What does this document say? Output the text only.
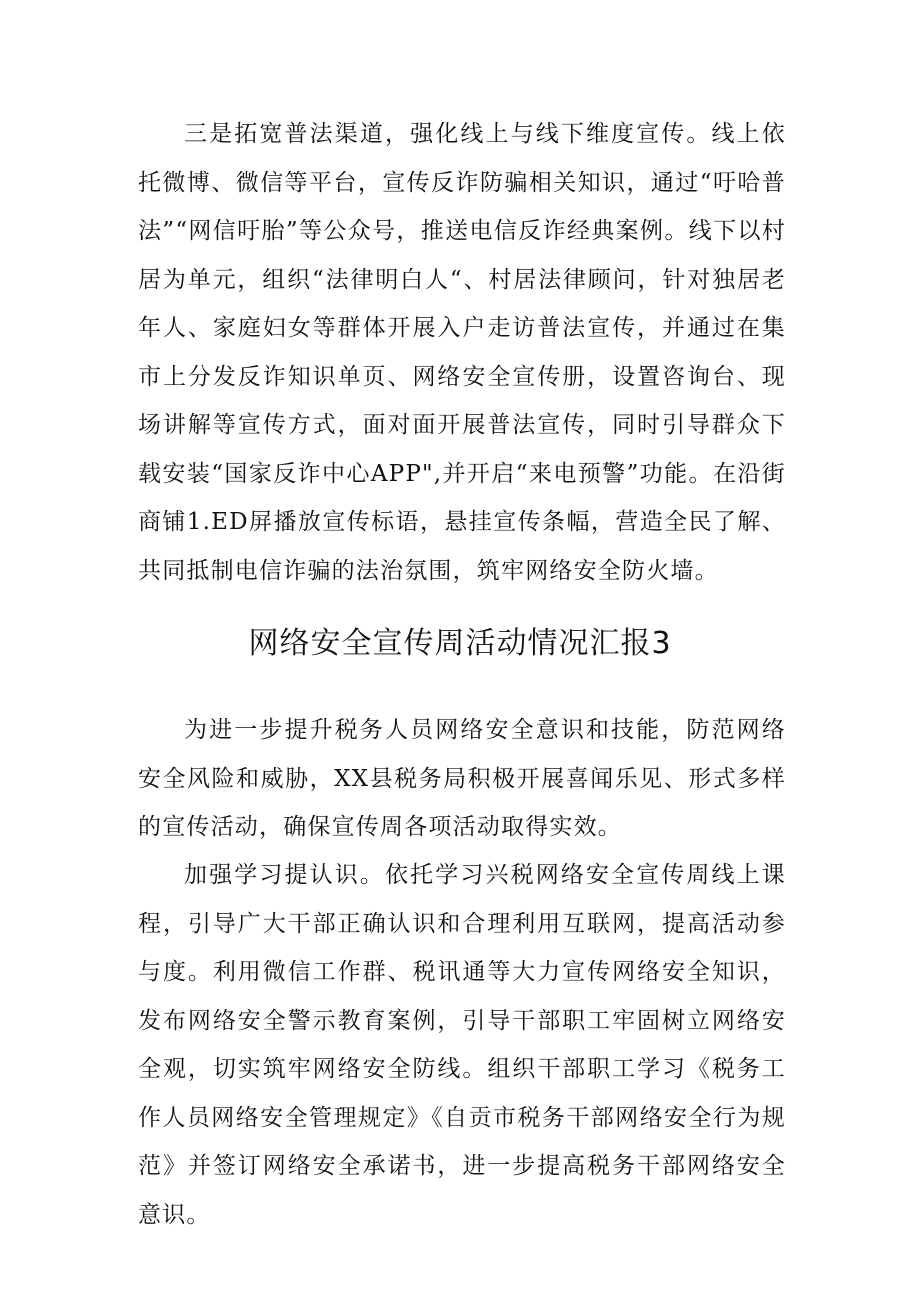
三是拓宽普法渠道，强化线上与线下维度宣传。线上依托微博、微信等平台，宣传反诈防骗相关知识，通过“吁哈普法”“网信吁胎”等公众号，推送电信反诈经典案例。线下以村居为单元，组织“法律明白人“、村居法律顾问，针对独居老年人、家庭妇女等群体开展入户走访普法宣传，并通过在集市上分发反诈知识单页、网络安全宣传册，设置咨询台、现场讲解等宣传方式，面对面开展普法宣传，同时引导群众下载安装“国家反诈中心APP",并开启“来电预警”功能。在沿街商铺1.ED屏播放宣传标语，悬挂宣传条幅，营造全民了解、共同抵制电信诈骗的法治氛围，筑牢网络安全防火墙。

网络安全宣传周活动情况汇报3

为进一步提升税务人员网络安全意识和技能，防范网络安全风险和威胁，XX县税务局积极开展喜闻乐见、形式多样的宣传活动，确保宣传周各项活动取得实效。

加强学习提认识。依托学习兴税网络安全宣传周线上课程，引导广大干部正确认识和合理利用互联网，提高活动参与度。利用微信工作群、税讯通等大力宣传网络安全知识，发布网络安全警示教育案例，引导干部职工牢固树立网络安全观，切实筑牢网络安全防线。组织干部职工学习《税务工作人员网络安全管理规定》《自贡市税务干部网络安全行为规范》并签订网络安全承诺书，进一步提高税务干部网络安全意识。
